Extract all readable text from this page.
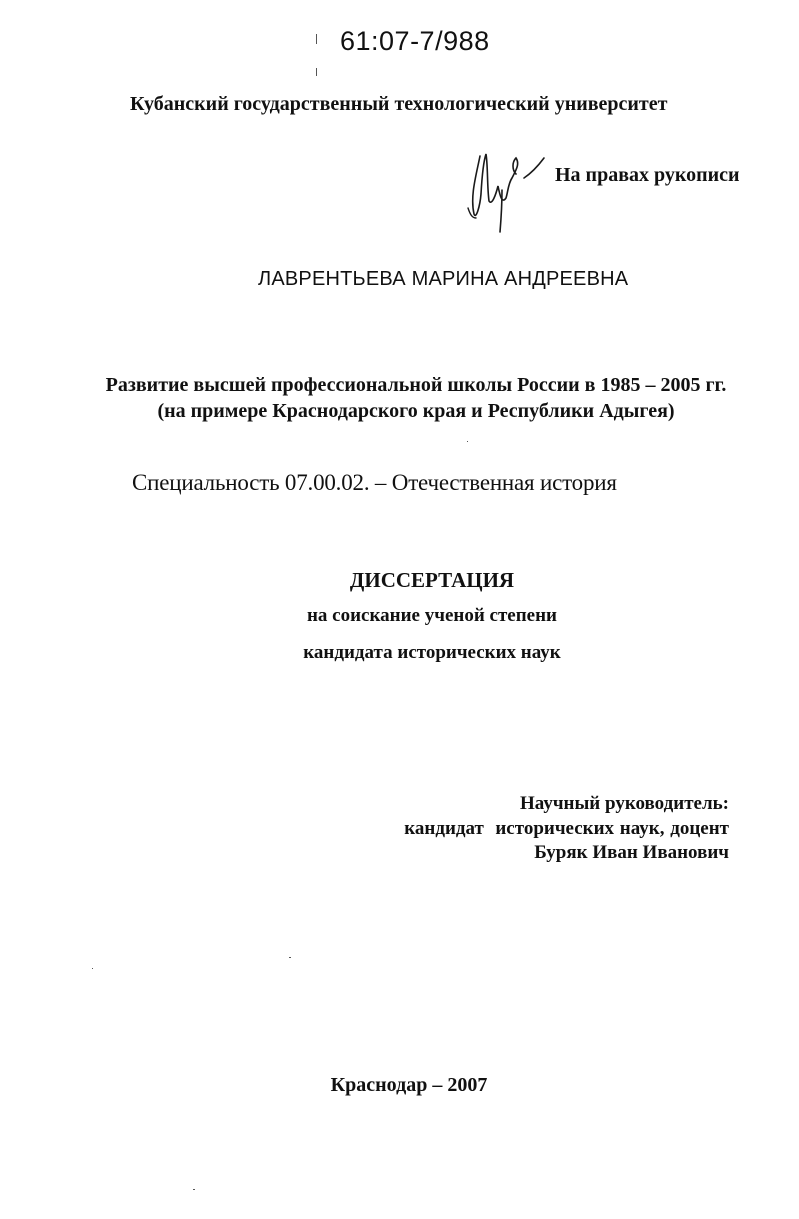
61:07-7/988
Кубанский государственный технологический университет
На правах рукописи
ЛАВРЕНТЬЕВА МАРИНА АНДРЕЕВНА
Развитие высшей профессиональной школы России в 1985 – 2005 гг.
(на примере Краснодарского края и Республики Адыгея)
Специальность 07.00.02. – Отечественная история
ДИССЕРТАЦИЯ
на соискание ученой степени
кандидата исторических наук
Научный руководитель:
кандидат  исторических наук, доцент
Буряк Иван Иванович
Краснодар – 2007
